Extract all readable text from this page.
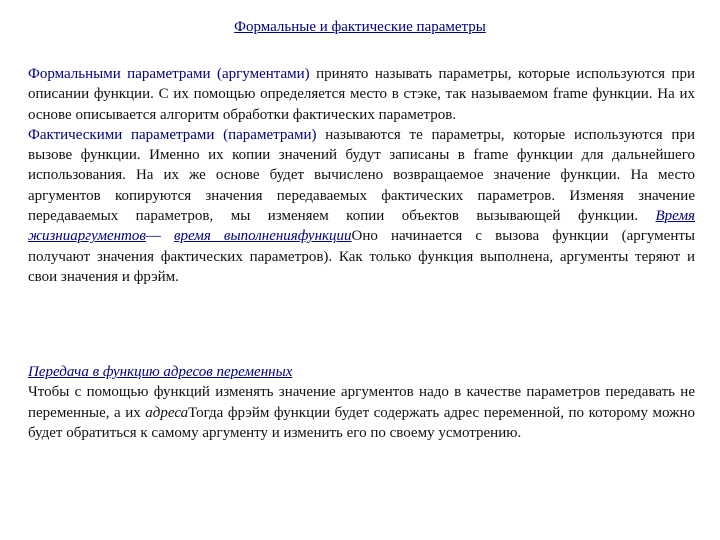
Формальные и фактические параметры

Формальными параметрами (аргументами) принято называть параметры, которые используются при описании функции. С их помощью определяется место в стэке, так называемом frame функции. На их основе описывается алгоритм обработки фактических параметров.

Фактическими параметрами (параметрами) называются те параметры, которые используются при вызове функции. Именно их копии значений будут записаны в frame функции для дальнейшего использования. На их же основе будет вычислено возвращаемое значение функции. На место аргументов копируются значения передаваемых фактических параметров. Изменяя значение передаваемых параметров, мы изменяем копии объектов вызывающей функции. Время жизниаргументов— время выполненияфункцииОно начинается с вызова функции (аргументы получают значения фактических параметров). Как только функция выполнена, аргументы теряют и свои значения и фрэйм.

Передача в функцию адресов переменных

Чтобы с помощью функций изменять значение аргументов надо в качестве параметров передавать не переменные, а их адресаТогда фрэйм функции будет содержать адрес переменной, по которому можно будет обратиться к самому аргументу и изменить его по своему усмотрению.
